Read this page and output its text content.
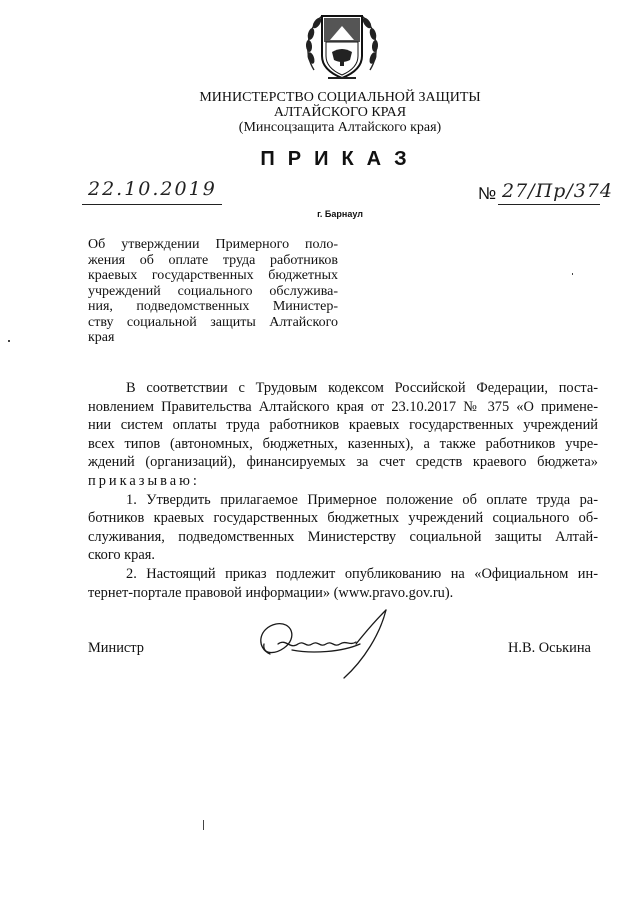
МИНИСТЕРСТВО СОЦИАЛЬНОЙ ЗАЩИТЫ
АЛТАЙСКОГО КРАЯ
(Минсоцзащита Алтайского края)
ПРИКАЗ
22.10.2019	№ 27/Пр/374
г. Барнаул
Об утверждении Примерного поло-
жения об оплате труда работников
краевых государственных бюджетных
учреждений социального обслужива-
ния, подведомственных Министер-
ству социальной защиты Алтайского
края
В соответствии с Трудовым кодексом Российской Федерации, поста-
новлением Правительства Алтайского края от 23.10.2017 № 375 «О примене-
нии систем оплаты труда работников краевых государственных учреждений
всех типов (автономных, бюджетных, казенных), а также работников учре-
ждений (организаций), финансируемых за счет средств краевого бюджета»
приказываю:
1. Утвердить прилагаемое Примерное положение об оплате труда ра-
ботников краевых государственных бюджетных учреждений социального об-
служивания, подведомственных Министерству социальной защиты Алтай-
ского края.
2. Настоящий приказ подлежит опубликованию на «Официальном ин-
тернет-портале правовой информации» (www.pravo.gov.ru).
Министр	Н.В. Оськина
